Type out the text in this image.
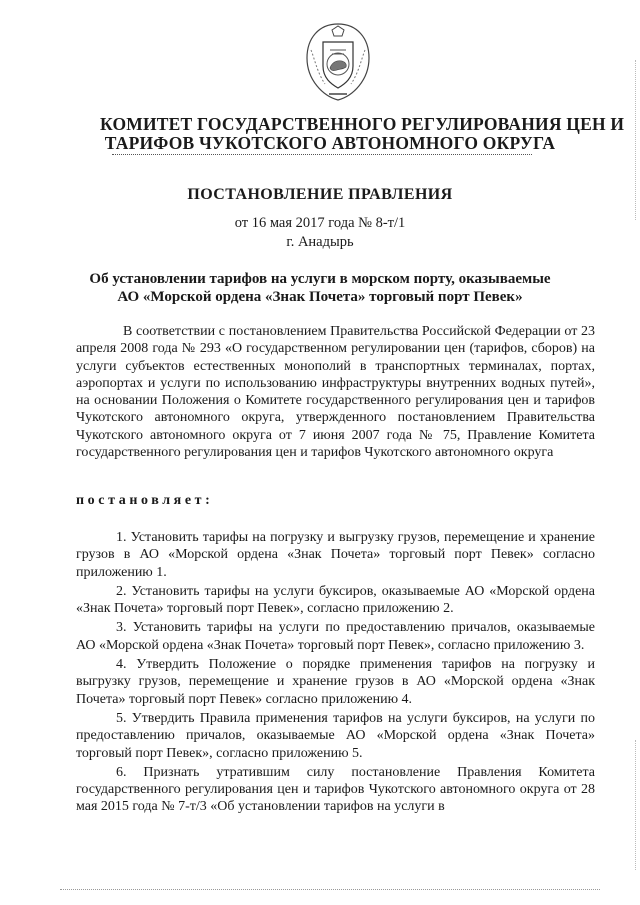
КОМИТЕТ ГОСУДАРСТВЕННОГО РЕГУЛИРОВАНИЯ ЦЕН И
ТАРИФОВ ЧУКОТСКОГО АВТОНОМНОГО ОКРУГА
ПОСТАНОВЛЕНИЕ ПРАВЛЕНИЯ
от 16 мая 2017 года № 8-т/1
г. Анадырь
Об установлении тарифов на услуги в морском порту, оказываемые
АО «Морской ордена «Знак Почета» торговый порт Певек»
В соответствии с постановлением Правительства Российской Федерации от 23 апреля 2008 года № 293 «О государственном регулировании цен (тарифов, сборов) на услуги субъектов естественных монополий в транспортных терминалах, портах, аэропортах и услуги по использованию инфраструктуры внутренних водных путей», на основании Положения о Комитете государственного регулирования цен и тарифов Чукотского автономного округа, утвержденного постановлением Правительства Чукотского автономного округа от 7 июня 2007 года № 75, Правление Комитета государственного регулирования цен и тарифов Чукотского автономного округа
постановляет:

1. Установить тарифы на погрузку и выгрузку грузов, перемещение и хранение грузов в АО «Морской ордена «Знак Почета» торговый порт Певек» согласно приложению 1.

2. Установить тарифы на услуги буксиров, оказываемые АО «Морской ордена «Знак Почета» торговый порт Певек», согласно приложению 2.

3. Установить тарифы на услуги по предоставлению причалов, оказываемые АО «Морской ордена «Знак Почета» торговый порт Певек», согласно приложению 3.

4. Утвердить Положение о порядке применения тарифов на погрузку и выгрузку грузов, перемещение и хранение грузов в АО «Морской ордена «Знак Почета» торговый порт Певек» согласно приложению 4.

5. Утвердить Правила применения тарифов на услуги буксиров, на услуги по предоставлению причалов, оказываемые АО «Морской ордена «Знак Почета» торговый порт Певек», согласно приложению 5.

6. Признать утратившим силу постановление Правления Комитета государственного регулирования цен и тарифов Чукотского автономного округа от 28 мая 2015 года № 7-т/3 «Об установлении тарифов на услуги в
